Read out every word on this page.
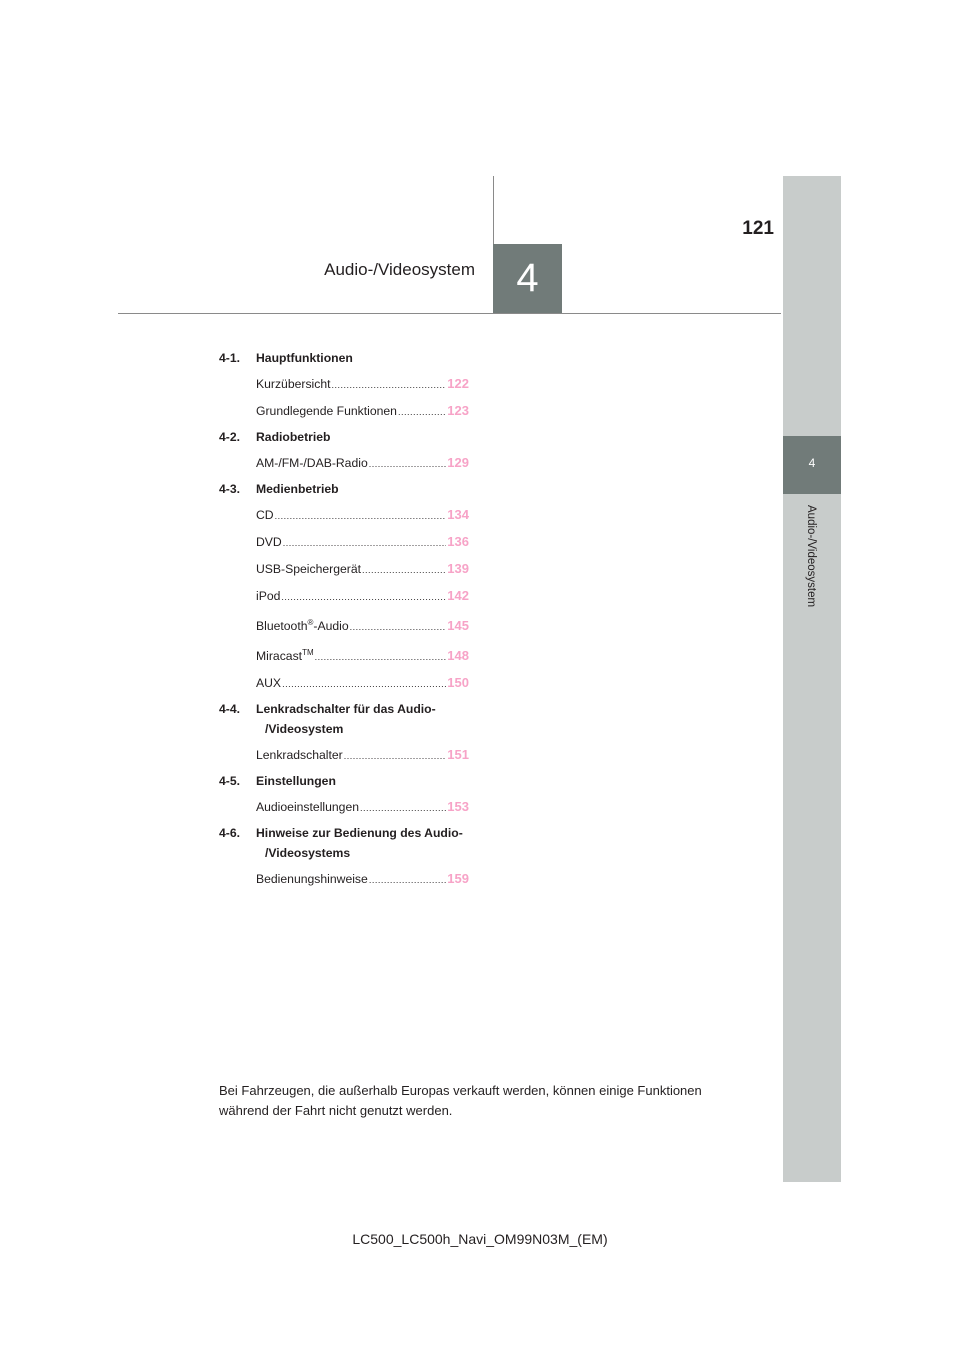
4
Audio-/Videosystem
121
Audio-/Videosystem	4
4-1.	Hauptfunktionen
Kurzübersicht .....	122
Grundlegende Funktionen .....	123
4-2.	Radiobetrieb
AM-/FM-/DAB-Radio .....	129
4-3.	Medienbetrieb
CD .....	134
DVD .....	136
USB-Speichergerät .....	139
iPod .....	142
Bluetooth®-Audio .....	145
Miracast™ .....	148
AUX .....	150
4-4.	Lenkradschalter für das Audio-
/Videosystem
Lenkradschalter .....	151
4-5.	Einstellungen
Audioeinstellungen .....	153
4-6.	Hinweise zur Bedienung des Audio-
/Videosystems
Bedienungshinweise .....	159
Bei Fahrzeugen, die außerhalb Europas verkauft werden, können einige Funktionen
während der Fahrt nicht genutzt werden.
LC500_LC500h_Navi_OM99N03M_(EM)
